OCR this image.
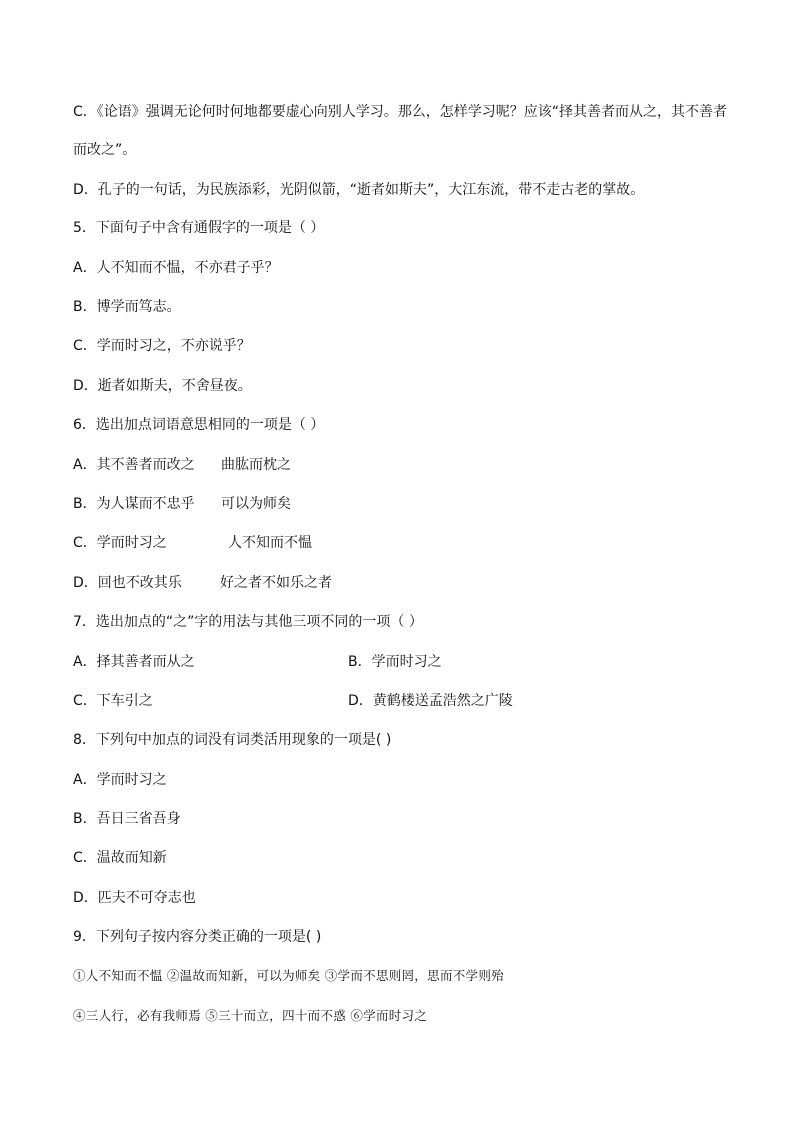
C．《论语》强调无论何时何地都要虚心向别人学习。那么，怎样学习呢？应该“择其善者而从之，其不善者
而改之”。
D．孔子的一句话，为民族添彩，光阴似箭，“逝者如斯夫”，大江东流，带不走古老的掌故。
5．下面句子中含有通假字的一项是（ ）
A．人不知而不愠，不亦君子乎？
B．博学而笃志。
C．学而时习之，不亦说乎？
D．逝者如斯夫，不舍昼夜。
6．选出加点词语意思相同的一项是（ ）
A．其不善者而改之 曲肱而枕之
B．为人谋而不忠乎 可以为师矣
C．学而时习之	人不知而不愠
D．回也不改其乐	好之者不如乐之者
7．选出加点的“之”字的用法与其他三项不同的一项（ ）
A．择其善者而从之	B．学而时习之
C．下车引之	D．黄鹤楼送孟浩然之广陵
8．下列句中加点的词没有词类活用现象的一项是( )
A．学而时习之
B．吾日三省吾身
C．温故而知新
D．匹夫不可夺志也
9．下列句子按内容分类正确的一项是( )
①人不知而不愠 ②温故而知新，可以为师矣 ③学而不思则罔，思而不学则殆
④三人行，必有我师焉 ⑤三十而立，四十而不惑 ⑥学而时习之
